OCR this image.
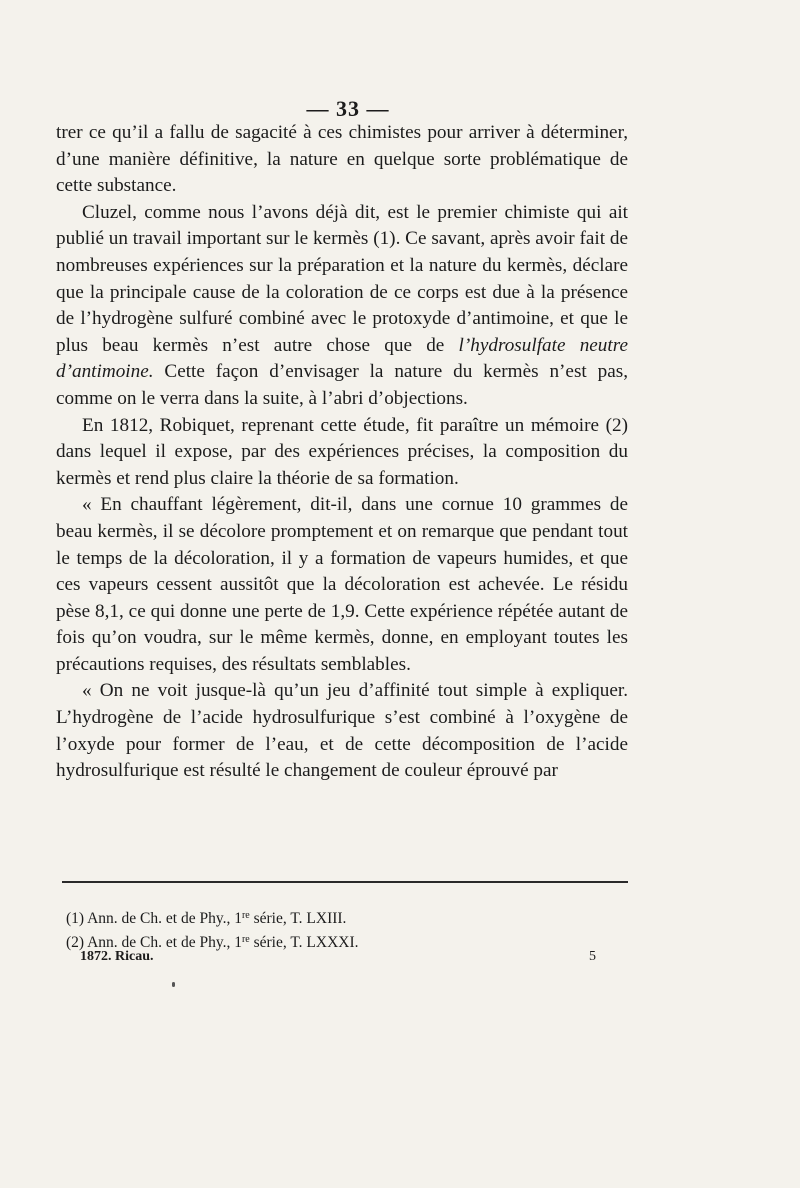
— 33 —

trer ce qu’il a fallu de sagacité à ces chimistes pour arriver à déterminer, d’une manière définitive, la nature en quelque sorte problématique de cette substance.

Cluzel, comme nous l’avons déjà dit, est le premier chimiste qui ait publié un travail important sur le kermès (1). Ce savant, après avoir fait de nombreuses expériences sur la préparation et la nature du kermès, déclare que la principale cause de la coloration de ce corps est due à la présence de l’hydrogène sulfuré combiné avec le protoxyde d’antimoine, et que le plus beau kermès n’est autre chose que de l’hydrosulfate neutre d’antimoine. Cette façon d’envisager la nature du kermès n’est pas, comme on le verra dans la suite, à l’abri d’objections.

En 1812, Robiquet, reprenant cette étude, fit paraître un mémoire (2) dans lequel il expose, par des expériences précises, la composition du kermès et rend plus claire la théorie de sa formation.

« En chauffant légèrement, dit-il, dans une cornue 10 grammes de beau kermès, il se décolore promptement et on remarque que pendant tout le temps de la décoloration, il y a formation de vapeurs humides, et que ces vapeurs cessent aussitôt que la décoloration est achevée. Le résidu pèse 8,1, ce qui donne une perte de 1,9. Cette expérience répétée autant de fois qu’on voudra, sur le même kermès, donne, en employant toutes les précautions requises, des résultats semblables.

« On ne voit jusque-là qu’un jeu d’affinité tout simple à expliquer. L’hydrogène de l’acide hydrosulfurique s’est combiné à l’oxygène de l’oxyde pour former de l’eau, et de cette décomposition de l’acide hydrosulfurique est résulté le changement de couleur éprouvé par

(1) Ann. de Ch. et de Phy., 1re série, T. LXIII.
(2) Ann. de Ch. et de Phy., 1re série, T. LXXXI.
1872. Ricau.	5
